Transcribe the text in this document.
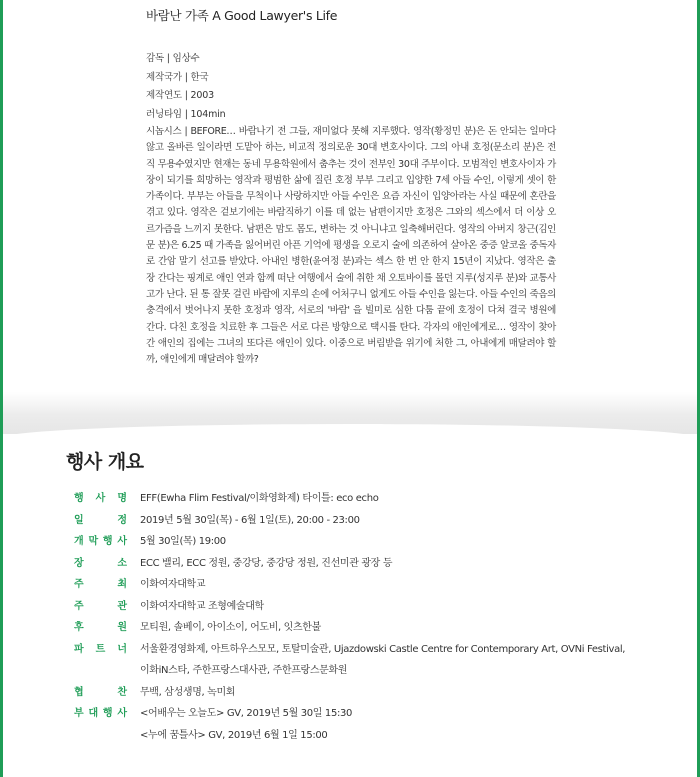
바람난 가족 A Good Lawyer's Life

감독 | 임상수

제작국가 | 한국

제작연도 | 2003

러닝타임 | 104min

시놉시스 | BEFORE… 바람나기 전 그들, 재미없다 못해 지루했다. 영작(황정민 분)은 돈 안되는 일마다 않고 올바른 일이라면 도맡아 하는, 비교적 정의로운 30대 변호사이다. 그의 아내 호정(문소리 분)은 전직 무용수였지만 현재는 동네 무용학원에서 춤추는 것이 전부인 30대 주부이다. 모범적인 변호사이자 가장이 되기를 희망하는 영작과 평범한 삶에 질린 호정 부부 그리고 입양한 7세 아들 수인, 이렇게 셋이 한 가족이다. 부부는 아들을 무척이나 사랑하지만 아들 수인은 요즘 자신이 입양아라는 사실 때문에 혼란을 겪고 있다. 영작은 겉보기에는 바람직하기 이를 데 없는 남편이지만 호정은 그와의 섹스에서 더 이상 오르가즘을 느끼지 못한다. 남편은 맘도 몸도, 변하는 것 아니냐고 일축해버린다. 영작의 아버지 창근(김인문 분)은 6.25 때 가족을 잃어버린 아픈 기억에 평생을 오로지 술에 의존하여 살아온 중증 알코올 중독자로 간암 말기 선고를 받았다. 아내인 병한(윤여정 분)과는 섹스 한 번 안 한지 15년이 지났다. 영작은 출장 간다는 핑계로 애인 연과 함께 떠난 여행에서 술에 취한 채 오토바이를 몰던 지루(성지루 분)와 교통사고가 난다. 된 통 잘못 걸린 바람에 지루의 손에 어처구니 없게도 아들 수인을 잃는다. 아들 수인의 죽음의 충격에서 벗어나지 못한 호정과 영작, 서로의 '바람' 을 빌미로 심한 다툼 끝에 호정이 다쳐 결국 병원에 간다. 다친 호정을 치료한 후 그들은 서로 다른 방향으로 택시를 탄다. 각자의 애인에게로… 영작이 찾아간 애인의 집에는 그녀의 또다른 애인이 있다. 이중으로 버림받을 위기에 처한 그, 아내에게 매달려야 할까, 애인에게 매달려야 할까?

행사 개요
행 사 명 EFF(Ewha Flim Festival/이화영화제) 타이틀: eco echo
일	정 2019년 5월 30일(목) - 6월 1일(토), 20:00 - 23:00
개 막 행 사 5월 30일(목) 19:00
장	소 ECC 밸리, ECC 정원, 중강당, 중강당 정원, 진선미관 광장 등
주	최 이화여자대학교
주	관 이화여자대학교 조형예술대학
후	원 모티원, 솔베이, 아이소이, 어도비, 잇츠한불
파 트 너 서울환경영화제, 아트하우스모모, 토탈미술관, Ujazdowski Castle Centre for Contemporary Art, OVNi Festival,
이화iN스타, 주한프랑스대사관, 주한프랑스문화원
협	찬 무백, 삼성생명, 녹미회
부 대 행 사 <어배우는 오늘도> GV, 2019년 5월 30일 15:30
<누에 꿈틀사> GV, 2019년 6월 1일 15:00
